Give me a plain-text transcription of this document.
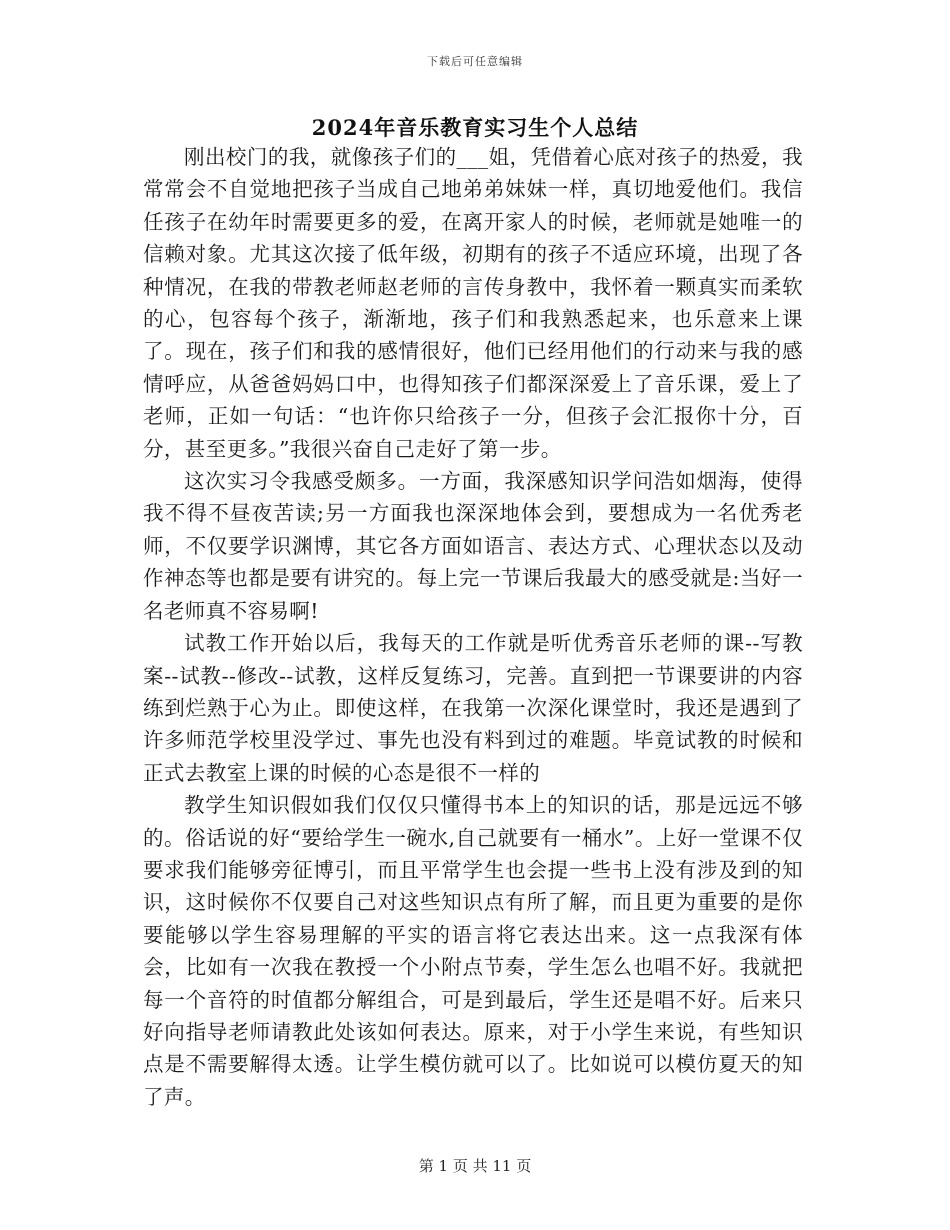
下载后可任意编辑
2024年音乐教育实习生个人总结

刚出校门的我，就像孩子们的___姐，凭借着心底对孩子的热爱，我常常会不自觉地把孩子当成自己地弟弟妹妹一样，真切地爱他们。我信任孩子在幼年时需要更多的爱，在离开家人的时候，老师就是她唯一的信赖对象。尤其这次接了低年级，初期有的孩子不适应环境，出现了各种情况，在我的带教老师赵老师的言传身教中，我怀着一颗真实而柔软的心，包容每个孩子，渐渐地，孩子们和我熟悉起来，也乐意来上课了。现在，孩子们和我的感情很好，他们已经用他们的行动来与我的感情呼应，从爸爸妈妈口中，也得知孩子们都深深爱上了音乐课，爱上了老师，正如一句话：“也许你只给孩子一分，但孩子会汇报你十分，百分，甚至更多。”我很兴奋自己走好了第一步。

这次实习令我感受颇多。一方面，我深感知识学问浩如烟海，使得我不得不昼夜苦读;另一方面我也深深地体会到，要想成为一名优秀老师，不仅要学识渊博，其它各方面如语言、表达方式、心理状态以及动作神态等也都是要有讲究的。每上完一节课后我最大的感受就是:当好一名老师真不容易啊!

试教工作开始以后，我每天的工作就是听优秀音乐老师的课--写教案--试教--修改--试教，这样反复练习，完善。直到把一节课要讲的内容练到烂熟于心为止。即使这样，在我第一次深化课堂时，我还是遇到了许多师范学校里没学过、事先也没有料到过的难题。毕竟试教的时候和正式去教室上课的时候的心态是很不一样的

教学生知识假如我们仅仅只懂得书本上的知识的话，那是远远不够的。俗话说的好“要给学生一碗水,自己就要有一桶水”。上好一堂课不仅要求我们能够旁征博引，而且平常学生也会提一些书上没有涉及到的知识，这时候你不仅要自己对这些知识点有所了解，而且更为重要的是你要能够以学生容易理解的平实的语言将它表达出来。这一点我深有体会，比如有一次我在教授一个小附点节奏，学生怎么也唱不好。我就把每一个音符的时值都分解组合，可是到最后，学生还是唱不好。后来只好向指导老师请教此处该如何表达。原来，对于小学生来说，有些知识点是不需要解得太透。让学生模仿就可以了。比如说可以模仿夏天的知了声。

第 1 页 共 11 页
